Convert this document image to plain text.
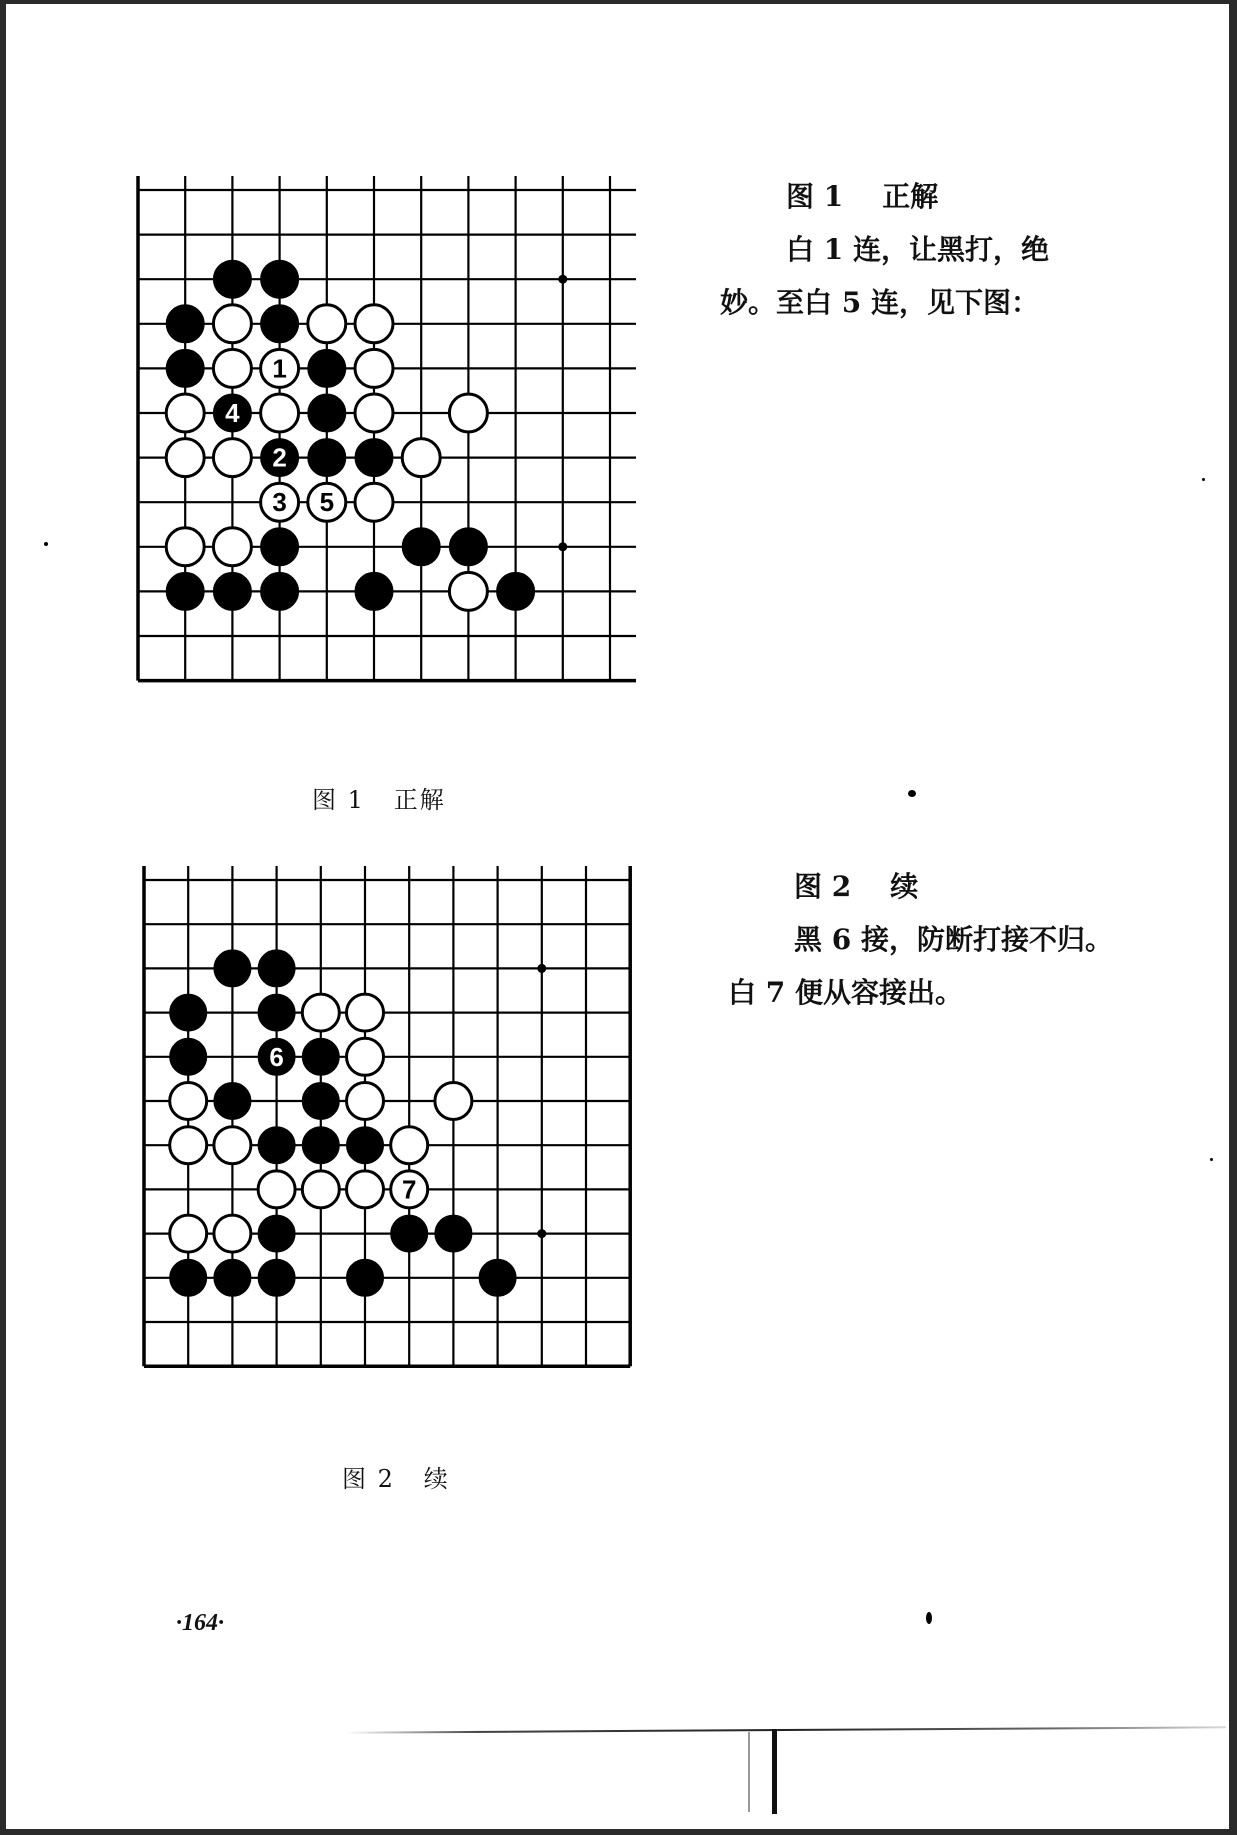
1
4
2
3 5
图 1   正解
图 1    正解
白 1 连，让黑打，绝妙。至白 5 连，见下图：
6
7
图 2   续
图 2    续
黑 6 接，防断打接不归。白 7 便从容接出。
·164·
